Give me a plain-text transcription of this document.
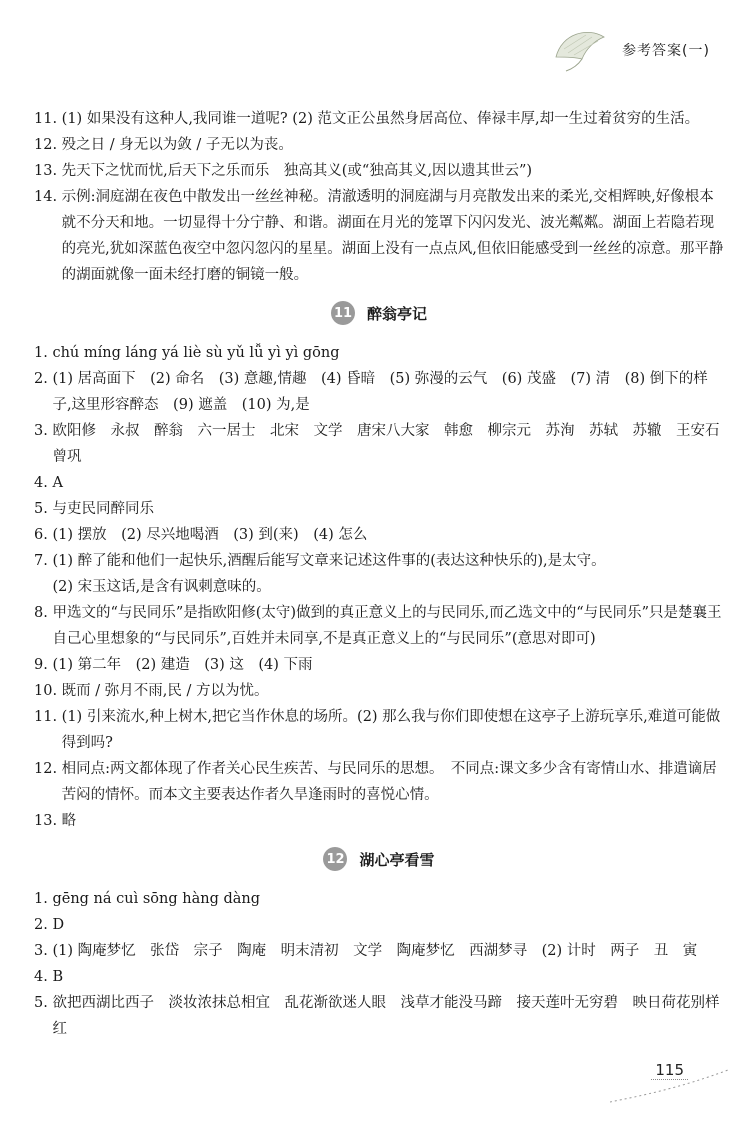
参考答案(一)
11. (1) 如果没有这种人,我同谁一道呢? (2) 范文正公虽然身居高位、俸禄丰厚,却一生过着贫穷的生活。
12. 殁之日 / 身无以为敛 / 子无以为丧。
13. 先天下之忧而忧,后天下之乐而乐　独高其义(或“独高其义,因以遗其世云”)
14. 示例:洞庭湖在夜色中散发出一丝丝神秘。清澈透明的洞庭湖与月亮散发出来的柔光,交相辉映,好像根本就不分天和地。一切显得十分宁静、和谐。湖面在月光的笼罩下闪闪发光、波光粼粼。湖面上若隐若现的亮光,犹如深蓝色夜空中忽闪忽闪的星星。湖面上没有一点点风,但依旧能感受到一丝丝的凉意。那平静的湖面就像一面未经打磨的铜镜一般。
11 醉翁亭记
1. chú míng láng yá liè sù yǔ lǚ yì yì gōng
2. (1) 居高面下　(2) 命名　(3) 意趣,情趣　(4) 昏暗　(5) 弥漫的云气　(6) 茂盛　(7) 清　(8) 倒下的样子,这里形容醉态　(9) 遮盖　(10) 为,是
3. 欧阳修　永叔　醉翁　六一居士　北宋　文学　唐宋八大家　韩愈　柳宗元　苏洵　苏轼　苏辙　王安石　曾巩
4. A
5. 与吏民同醉同乐
6. (1) 摆放　(2) 尽兴地喝酒　(3) 到(来)　(4) 怎么
7. (1) 醉了能和他们一起快乐,酒醒后能写文章来记述这件事的(表达这种快乐的),是太守。
(2) 宋玉这话,是含有讽刺意味的。
8. 甲选文的“与民同乐”是指欧阳修(太守)做到的真正意义上的与民同乐,而乙选文中的“与民同乐”只是楚襄王自己心里想象的“与民同乐”,百姓并未同享,不是真正意义上的“与民同乐”(意思对即可)
9. (1) 第二年　(2) 建造　(3) 这　(4) 下雨
10. 既而 / 弥月不雨,民 / 方以为忧。
11. (1) 引来流水,种上树木,把它当作休息的场所。(2) 那么我与你们即使想在这亭子上游玩享乐,难道可能做得到吗?
12. 相同点:两文都体现了作者关心民生疾苦、与民同乐的思想。　不同点:课文多少含有寄情山水、排遣谪居苦闷的情怀。而本文主要表达作者久旱逢雨时的喜悦心情。
13. 略
12 湖心亭看雪
1. gēng ná cuì sōng hàng dàng
2. D
3. (1) 陶庵梦忆　张岱　宗子　陶庵　明末清初　文学　陶庵梦忆　西湖梦寻　(2) 计时　两子　丑　寅
4. B
5. 欲把西湖比西子　淡妆浓抹总相宜　乱花渐欲迷人眼　浅草才能没马蹄　接天莲叶无穷碧　映日荷花别样红
115
